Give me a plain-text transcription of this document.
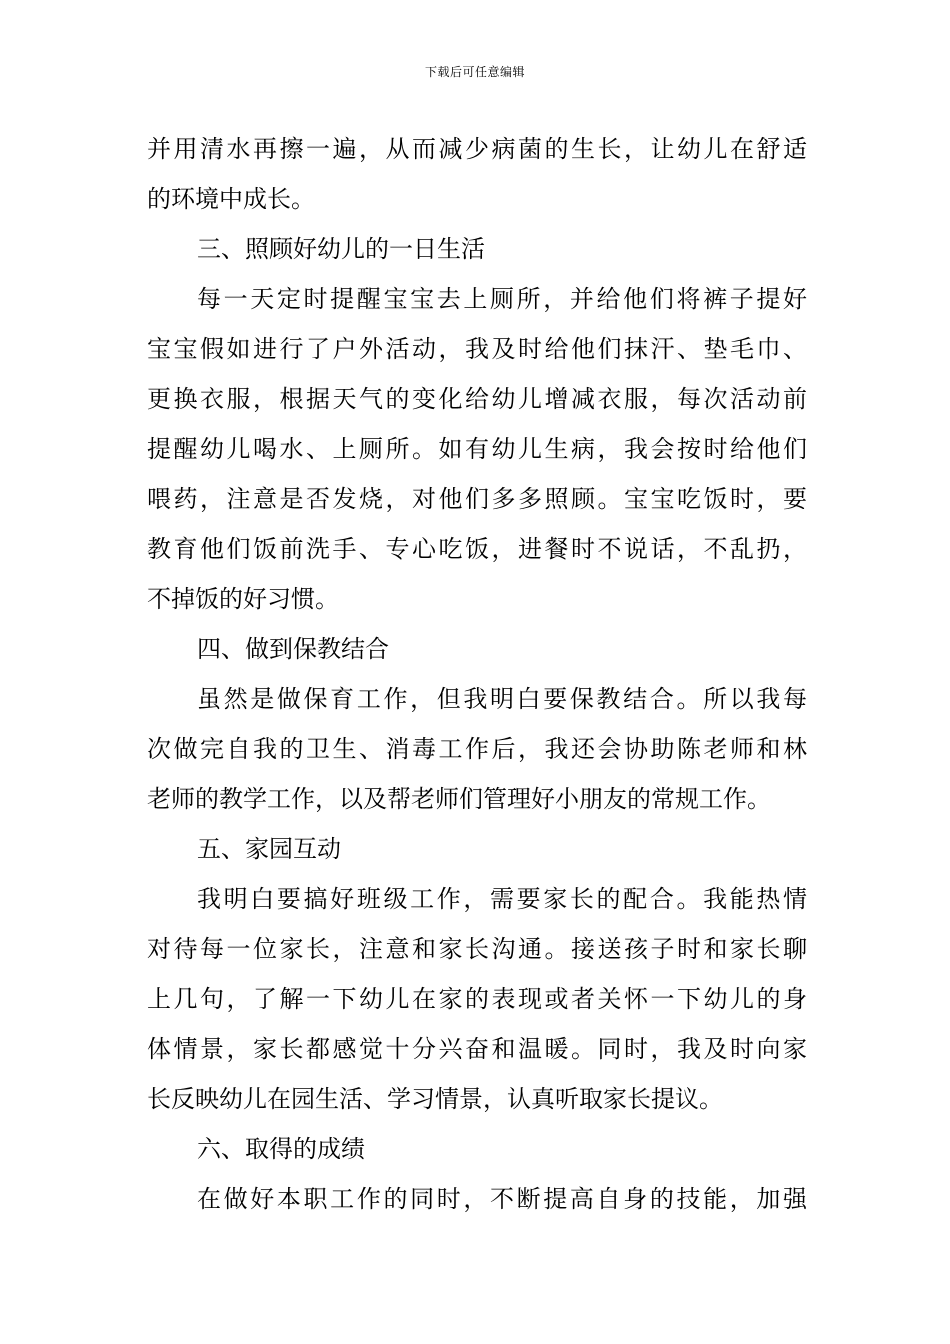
下载后可任意编辑
并用清水再擦一遍，从而减少病菌的生长，让幼儿在舒适
的环境中成长。
三、照顾好幼儿的一日生活
每一天定时提醒宝宝去上厕所，并给他们将裤子提好
宝宝假如进行了户外活动，我及时给他们抹汗、垫毛巾、
更换衣服，根据天气的变化给幼儿增减衣服，每次活动前
提醒幼儿喝水、上厕所。如有幼儿生病，我会按时给他们
喂药，注意是否发烧，对他们多多照顾。宝宝吃饭时，要
教育他们饭前洗手、专心吃饭，进餐时不说话，不乱扔，
不掉饭的好习惯。
四、做到保教结合
虽然是做保育工作，但我明白要保教结合。所以我每
次做完自我的卫生、消毒工作后，我还会协助陈老师和林
老师的教学工作，以及帮老师们管理好小朋友的常规工作。
五、家园互动
我明白要搞好班级工作，需要家长的配合。我能热情
对待每一位家长，注意和家长沟通。接送孩子时和家长聊
上几句，了解一下幼儿在家的表现或者关怀一下幼儿的身
体情景，家长都感觉十分兴奋和温暖。同时，我及时向家
长反映幼儿在园生活、学习情景，认真听取家长提议。
六、取得的成绩
在做好本职工作的同时，不断提高自身的技能，加强
